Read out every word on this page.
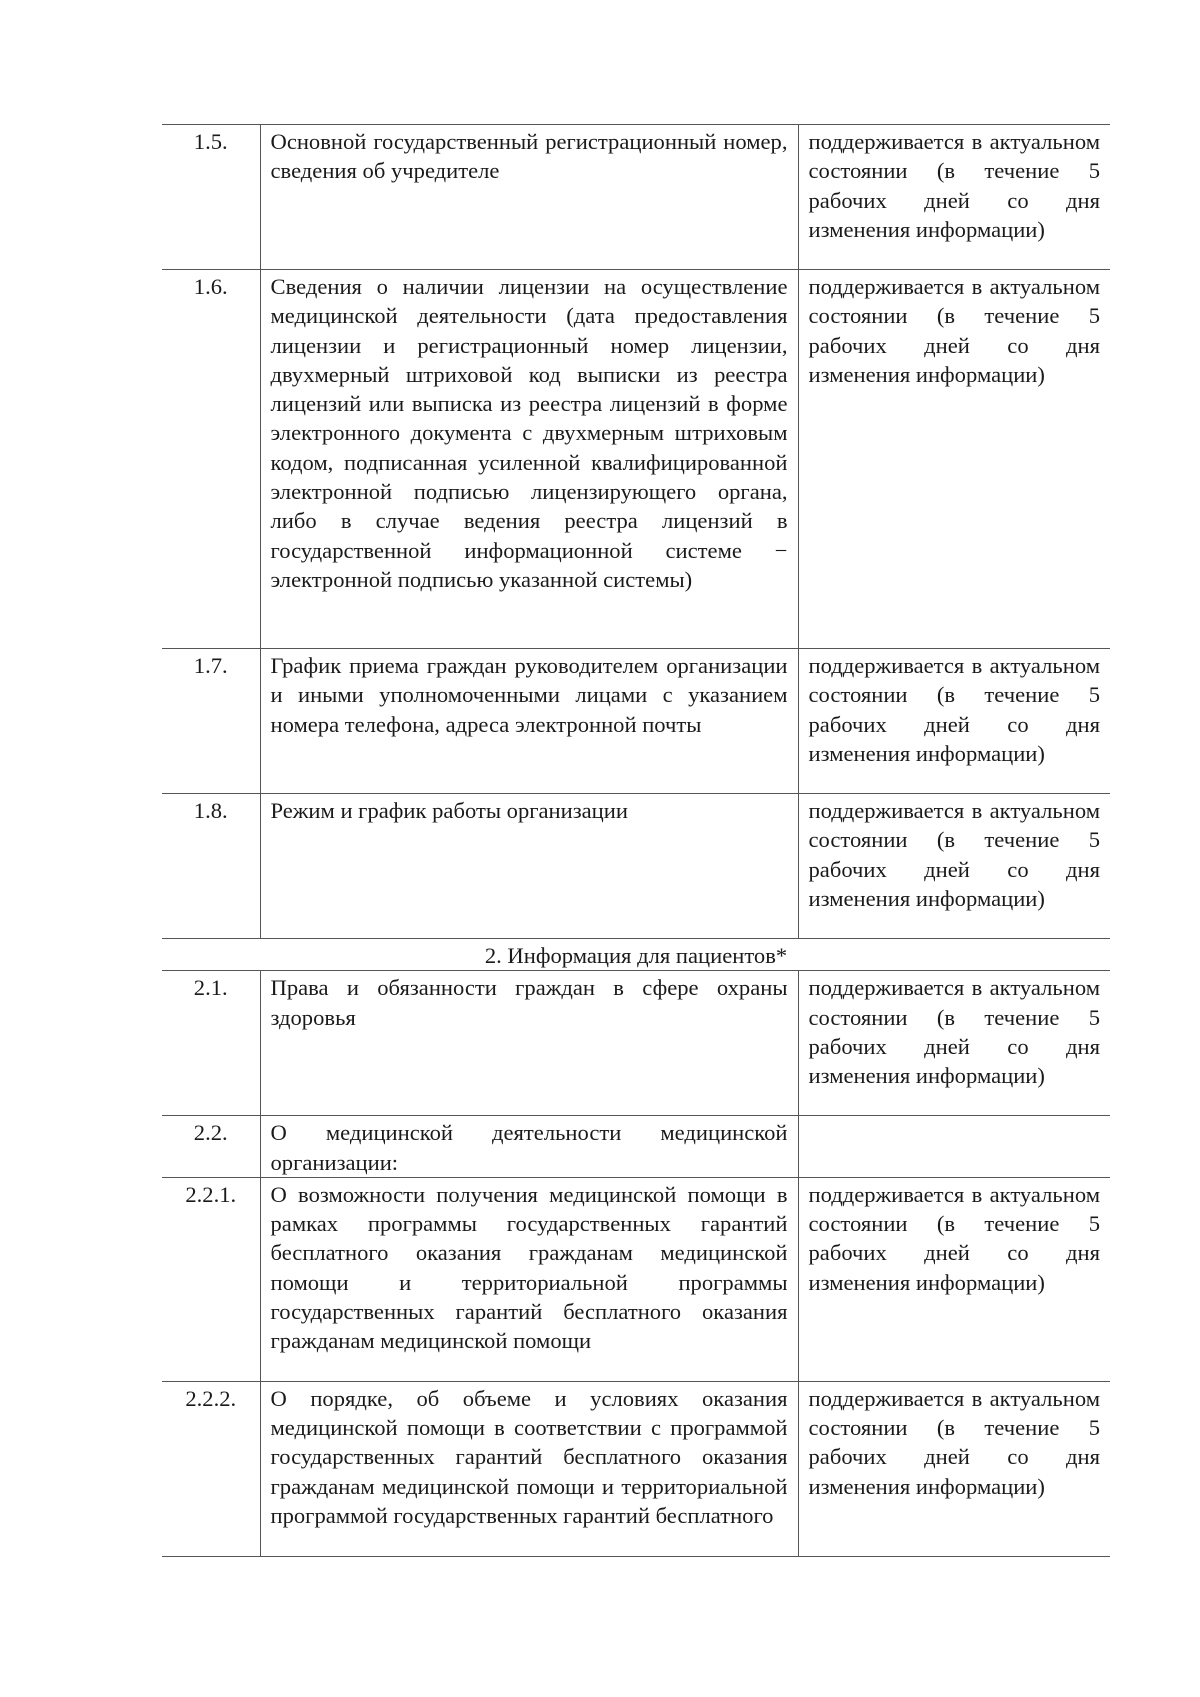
1.5.	Основной государственный регистрационный номер, сведения об учредителе	поддерживается в актуальном состоянии (в течение 5 рабочих дней со дня изменения информации)
1.6.	Сведения о наличии лицензии на осуществление медицинской деятельности (дата предоставления лицензии и регистрационный номер лицензии, двухмерный штриховой код выписки из реестра лицензий или выписка из реестра лицензий в форме электронного документа с двухмерным штриховым кодом, подписанная усиленной квалифицированной электронной подписью лицензирующего органа, либо в случае ведения реестра лицензий в государственной информационной системе − электронной подписью указанной системы)	поддерживается в актуальном состоянии (в течение 5 рабочих дней со дня изменения информации)
1.7.	График приема граждан руководителем организации и иными уполномоченными лицами с указанием номера телефона, адреса электронной почты	поддерживается в актуальном состоянии (в течение 5 рабочих дней со дня изменения информации)
1.8.	Режим и график работы организации	поддерживается в актуальном состоянии (в течение 5 рабочих дней со дня изменения информации)
2. Информация для пациентов*		
2.1.	Права и обязанности граждан в сфере охраны здоровья	поддерживается в актуальном состоянии (в течение 5 рабочих дней со дня изменения информации)
2.2.	О медицинской деятельности медицинской организации:	
2.2.1.	О возможности получения медицинской помощи в рамках программы государственных гарантий бесплатного оказания гражданам медицинской помощи и территориальной программы государственных гарантий бесплатного оказания гражданам медицинской помощи	поддерживается в актуальном состоянии (в течение 5 рабочих дней со дня изменения информации)
2.2.2.	О порядке, об объеме и условиях оказания медицинской помощи в соответствии с программой государственных гарантий бесплатного оказания гражданам медицинской помощи и территориальной программой государственных гарантий бесплатного	поддерживается в актуальном состоянии (в течение 5 рабочих дней со дня изменения информации)
